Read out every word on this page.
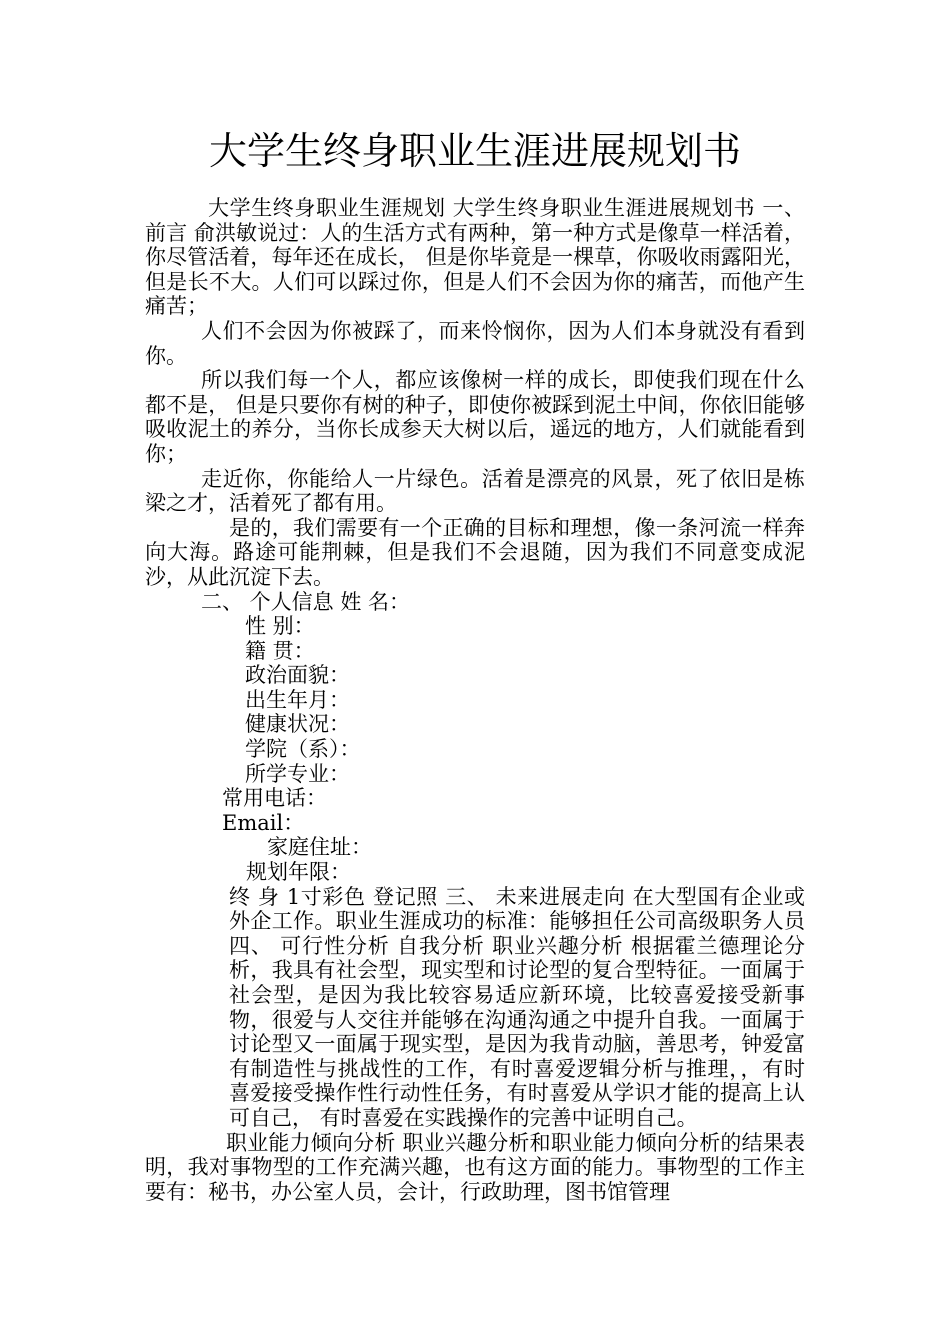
大学生终身职业生涯进展规划书

大学生终身职业生涯规划 大学生终身职业生涯进展规划书 一、 前言 俞洪敏说过：人的生活方式有两种，第一种方式是像草一样活着，你尽管活着，每年还在成长， 但是你毕竟是一棵草，你吸收雨露阳光，但是长不大。人们可以踩过你，但是人们不会因为你的痛苦，而他产生痛苦；

人们不会因为你被踩了，而来怜悯你，因为人们本身就没有看到你。

所以我们每一个人，都应该像树一样的成长，即使我们现在什么都不是， 但是只要你有树的种子，即使你被踩到泥土中间，你依旧能够吸收泥土的养分，当你长成参天大树以后，遥远的地方，人们就能看到你；

走近你，你能给人一片绿色。活着是漂亮的风景，死了依旧是栋梁之才，活着死了都有用。

是的，我们需要有一个正确的目标和理想，像一条河流一样奔向大海。路途可能荆棘，但是我们不会退随，因为我们不同意变成泥沙，从此沉淀下去。

二、 个人信息 姓 名：

性 别：

籍 贯：

政治面貌：

出生年月：

健康状况：

学院（系）：

所学专业：

常用电话：

Email：

家庭住址：

规划年限：

终 身 1寸彩色 登记照 三、 未来进展走向 在大型国有企业或外企工作。职业生涯成功的标准：能够担任公司高级职务人员 四、 可行性分析 自我分析 职业兴趣分析 根据霍兰德理论分析，我具有社会型，现实型和讨论型的复合型特征。一面属于社会型，是因为我比较容易适应新环境，比较喜爱接受新事物，很爱与人交往并能够在沟通沟通之中提升自我。一面属于讨论型又一面属于现实型，是因为我肯动脑，善思考，钟爱富有制造性与挑战性的工作，有时喜爱逻辑分析与推理，，有时喜爱接受操作性行动性任务，有时喜爱从学识才能的提高上认可自己， 有时喜爱在实践操作的完善中证明自己。

职业能力倾向分析 职业兴趣分析和职业能力倾向分析的结果表明，我对事物型的工作充满兴趣，也有这方面的能力。事物型的工作主要有：秘书，办公室人员，会计，行政助理，图书馆管理
